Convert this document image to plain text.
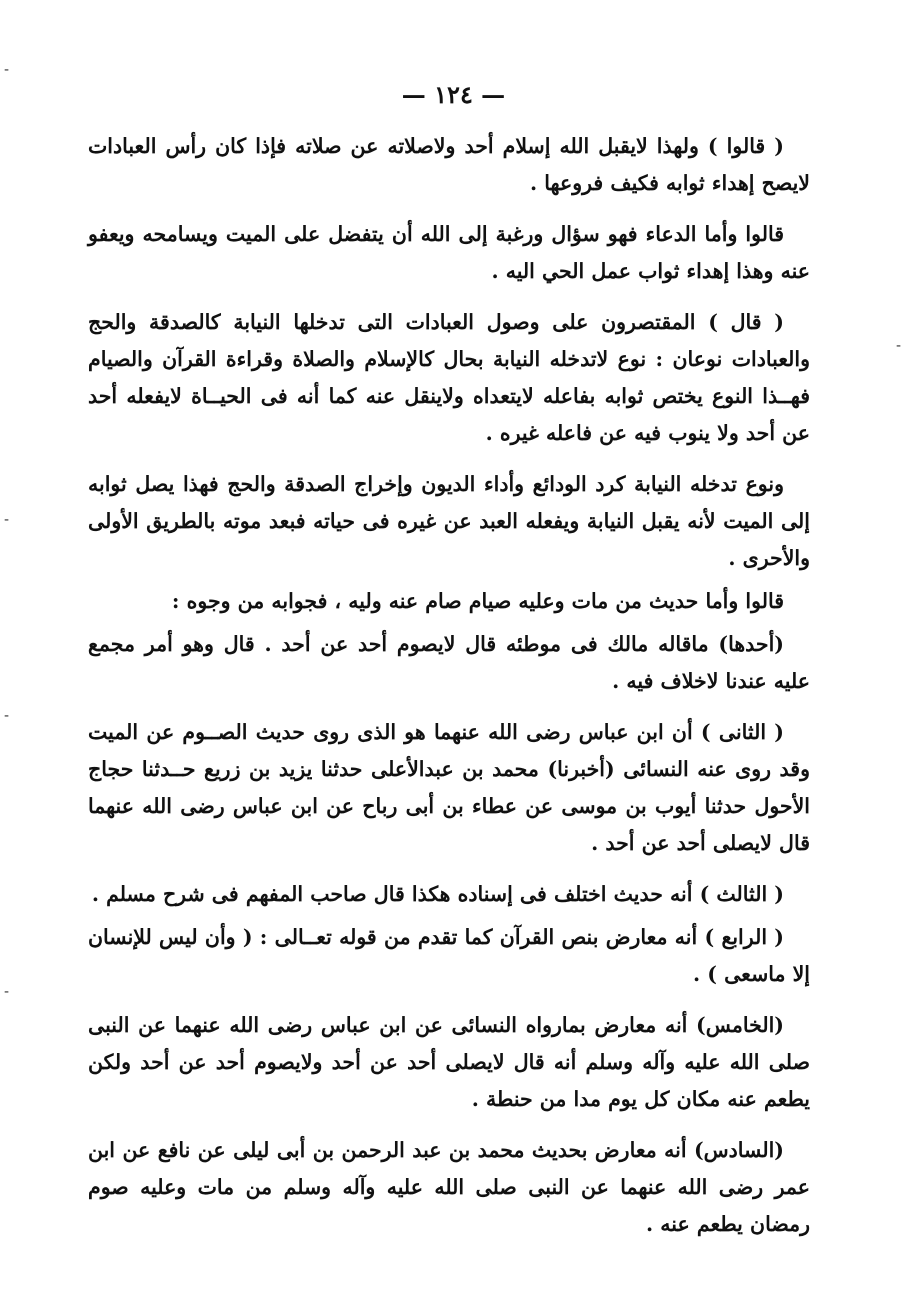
— ١٢٤ —

( قالوا ) ولهذا لايقبل الله إسلام أحد ولاصلاته عن صلاته فإذا كان رأس العبادات لايصح إهداء ثوابه فكيف فروعها .

قالوا وأما الدعاء فهو سؤال ورغبة إلى الله أن يتفضل على الميت ويسامحه ويعفو عنه وهذا إهداء ثواب عمل الحي اليه .

( قال ) المقتصرون على وصول العبادات التى تدخلها النيابة كالصدقة والحج والعبادات نوعان : نوع لاتدخله النيابة بحال كالإسلام والصلاة وقراءة القرآن والصيام فهــذا النوع يختص ثوابه بفاعله لايتعداه ولاينقل عنه كما أنه فى الحيــاة لايفعله أحد عن أحد ولا ينوب فيه عن فاعله غيره .

ونوع تدخله النيابة كرد الودائع وأداء الديون وإخراج الصدقة والحج فهذا يصل ثوابه إلى الميت لأنه يقبل النيابة ويفعله العبد عن غيره فى حياته فبعد موته بالطريق الأولى والأحرى .

قالوا وأما حديث من مات وعليه صيام صام عنه وليه ، فجوابه من وجوه :

(أحدها) ماقاله مالك فى موطئه قال لايصوم أحد عن أحد . قال وهو أمر مجمع عليه عندنا لاخلاف فيه .

( الثانى ) أن ابن عباس رضى الله عنهما هو الذى روى حديث الصــوم عن الميت وقد روى عنه النسائى (أخبرنا) محمد بن عبدالأعلى حدثنا يزيد بن زريع حــدثنا حجاج الأحول حدثنا أيوب بن موسى عن عطاء بن أبى رباح عن ابن عباس رضى الله عنهما قال لايصلى أحد عن أحد .

( الثالث ) أنه حديث اختلف فى إسناده هكذا قال صاحب المفهم فى شرح مسلم .

( الرابع ) أنه معارض بنص القرآن كما تقدم من قوله تعــالى : ( وأن ليس للإنسان إلا ماسعى ) .

(الخامس) أنه معارض بمارواه النسائى عن ابن عباس رضى الله عنهما عن النبى صلى الله عليه وآله وسلم أنه قال لايصلى أحد عن أحد ولايصوم أحد عن أحد ولكن يطعم عنه مكان كل يوم مدا من حنطة .

(السادس) أنه معارض بحديث محمد بن عبد الرحمن بن أبى ليلى عن نافع عن ابن عمر رضى الله عنهما عن النبى صلى الله عليه وآله وسلم من مات وعليه صوم رمضان يطعم عنه .

-
-
-
-
-
